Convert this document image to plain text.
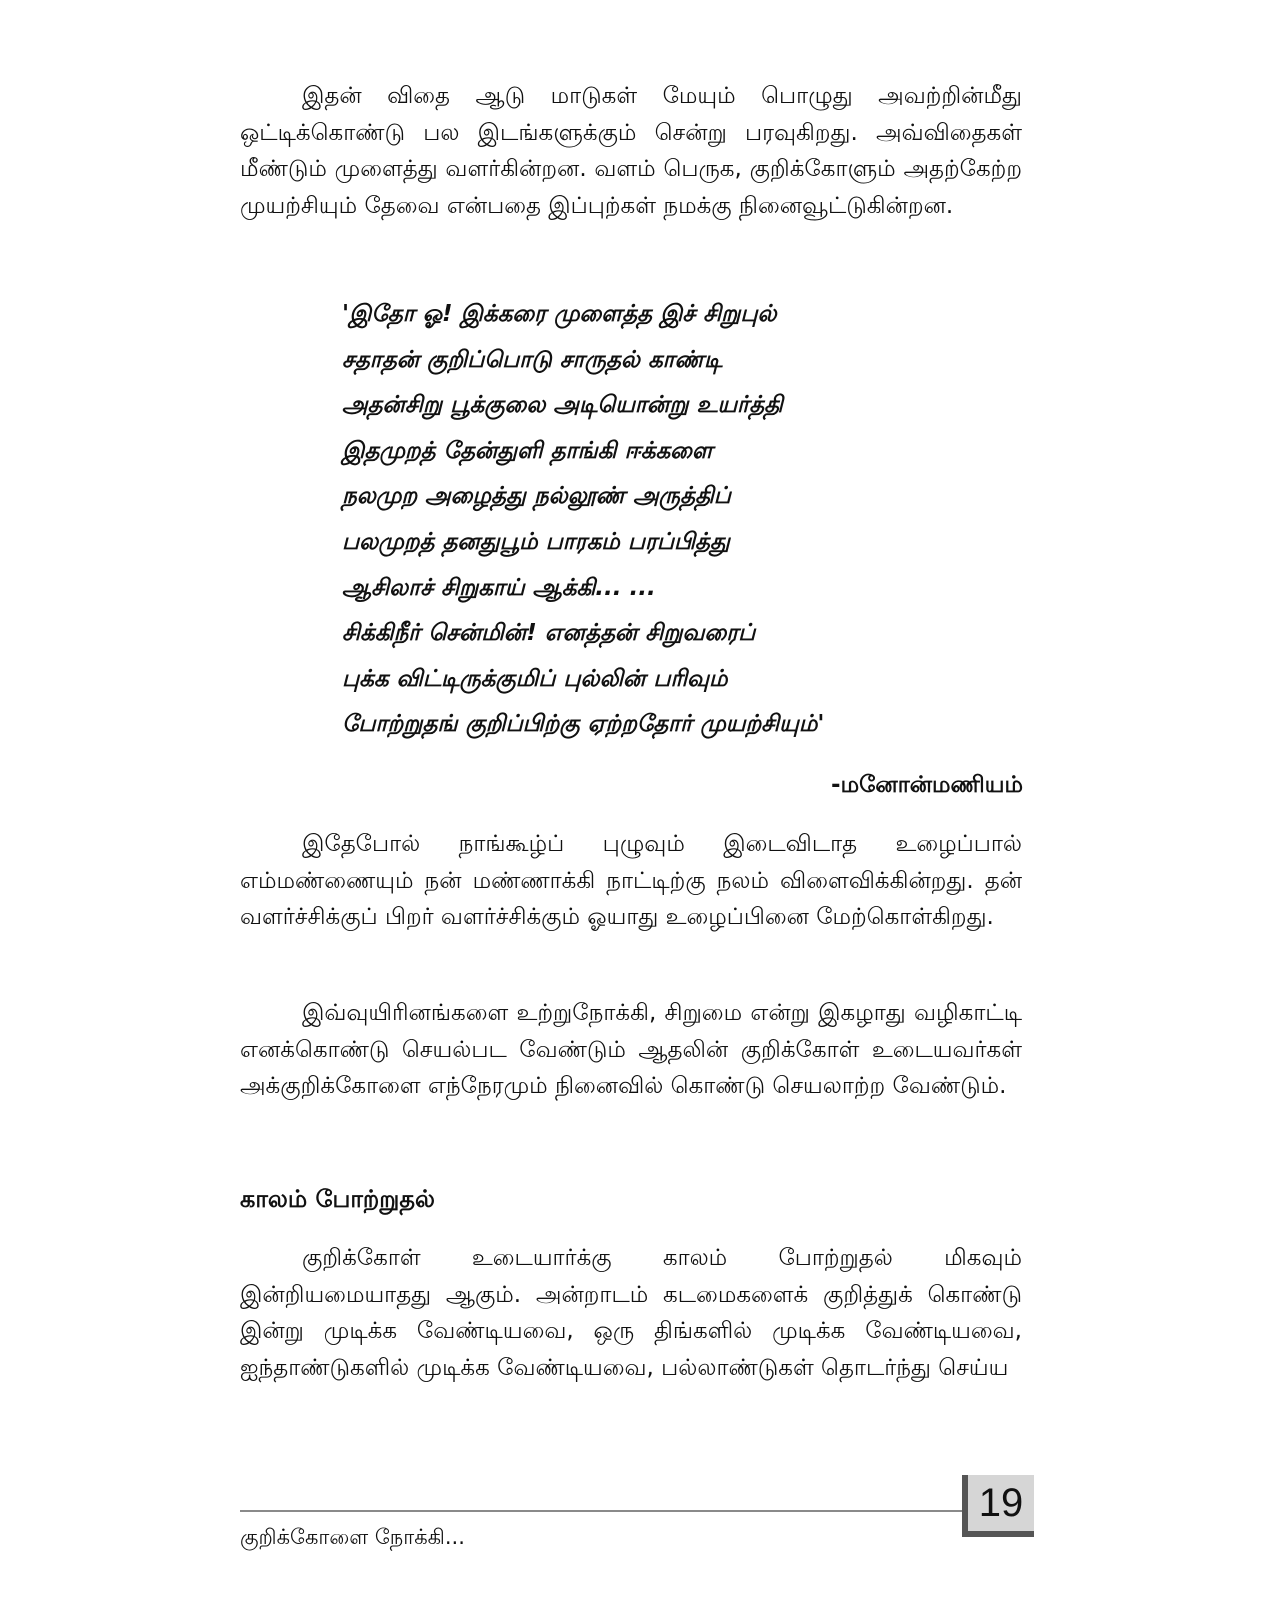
இதன் விதை ஆடு மாடுகள் மேயும் பொழுது அவற்றின்மீது ஒட்டிக்கொண்டு பல இடங்களுக்கும் சென்று பரவுகிறது. அவ்விதைகள் மீண்டும் முளைத்து வளர்கின்றன. வளம் பெருக, குறிக்கோளும் அதற்கேற்ற முயற்சியும் தேவை என்பதை இப்புற்கள் நமக்கு நினைவூட்டுகின்றன.

'இதோ ஓ! இக்கரை முளைத்த இச் சிறுபுல்
சதாதன் குறிப்பொடு சாருதல் காண்டி
அதன்சிறு பூக்குலை அடியொன்று உயர்த்தி
இதமுறத் தேன்துளி தாங்கி ஈக்களை
நலமுற அழைத்து நல்லூண் அருத்திப்
பலமுறத் தனதுபூம் பாரகம் பரப்பித்து
ஆசிலாச் சிறுகாய் ஆக்கி... ...
சிக்கிநீர் சென்மின்! எனத்தன் சிறுவரைப்
புக்க விட்டிருக்குமிப் புல்லின் பரிவும்
போற்றுதங் குறிப்பிற்கு ஏற்றதோர் முயற்சியும்'
-மனோன்மணியம்

இதேபோல் நாங்கூழ்ப் புழுவும் இடைவிடாத உழைப்பால் எம்மண்ணையும் நன் மண்ணாக்கி நாட்டிற்கு நலம் விளைவிக்கின்றது. தன் வளர்ச்சிக்குப் பிறர் வளர்ச்சிக்கும் ஓயாது உழைப்பினை மேற்கொள்கிறது.

இவ்வுயிரினங்களை உற்றுநோக்கி, சிறுமை என்று இகழாது வழிகாட்டி எனக்கொண்டு செயல்பட வேண்டும் ஆதலின் குறிக்கோள் உடையவர்கள் அக்குறிக்கோளை எந்நேரமும் நினைவில் கொண்டு செயலாற்ற வேண்டும்.

காலம் போற்றுதல்

குறிக்கோள் உடையார்க்கு காலம் போற்றுதல் மிகவும் இன்றியமையாதது ஆகும். அன்றாடம் கடமைகளைக் குறித்துக் கொண்டு இன்று முடிக்க வேண்டியவை, ஒரு திங்களில் முடிக்க வேண்டியவை, ஐந்தாண்டுகளில் முடிக்க வேண்டியவை, பல்லாண்டுகள் தொடர்ந்து செய்ய

19
குறிக்கோளை நோக்கி...
